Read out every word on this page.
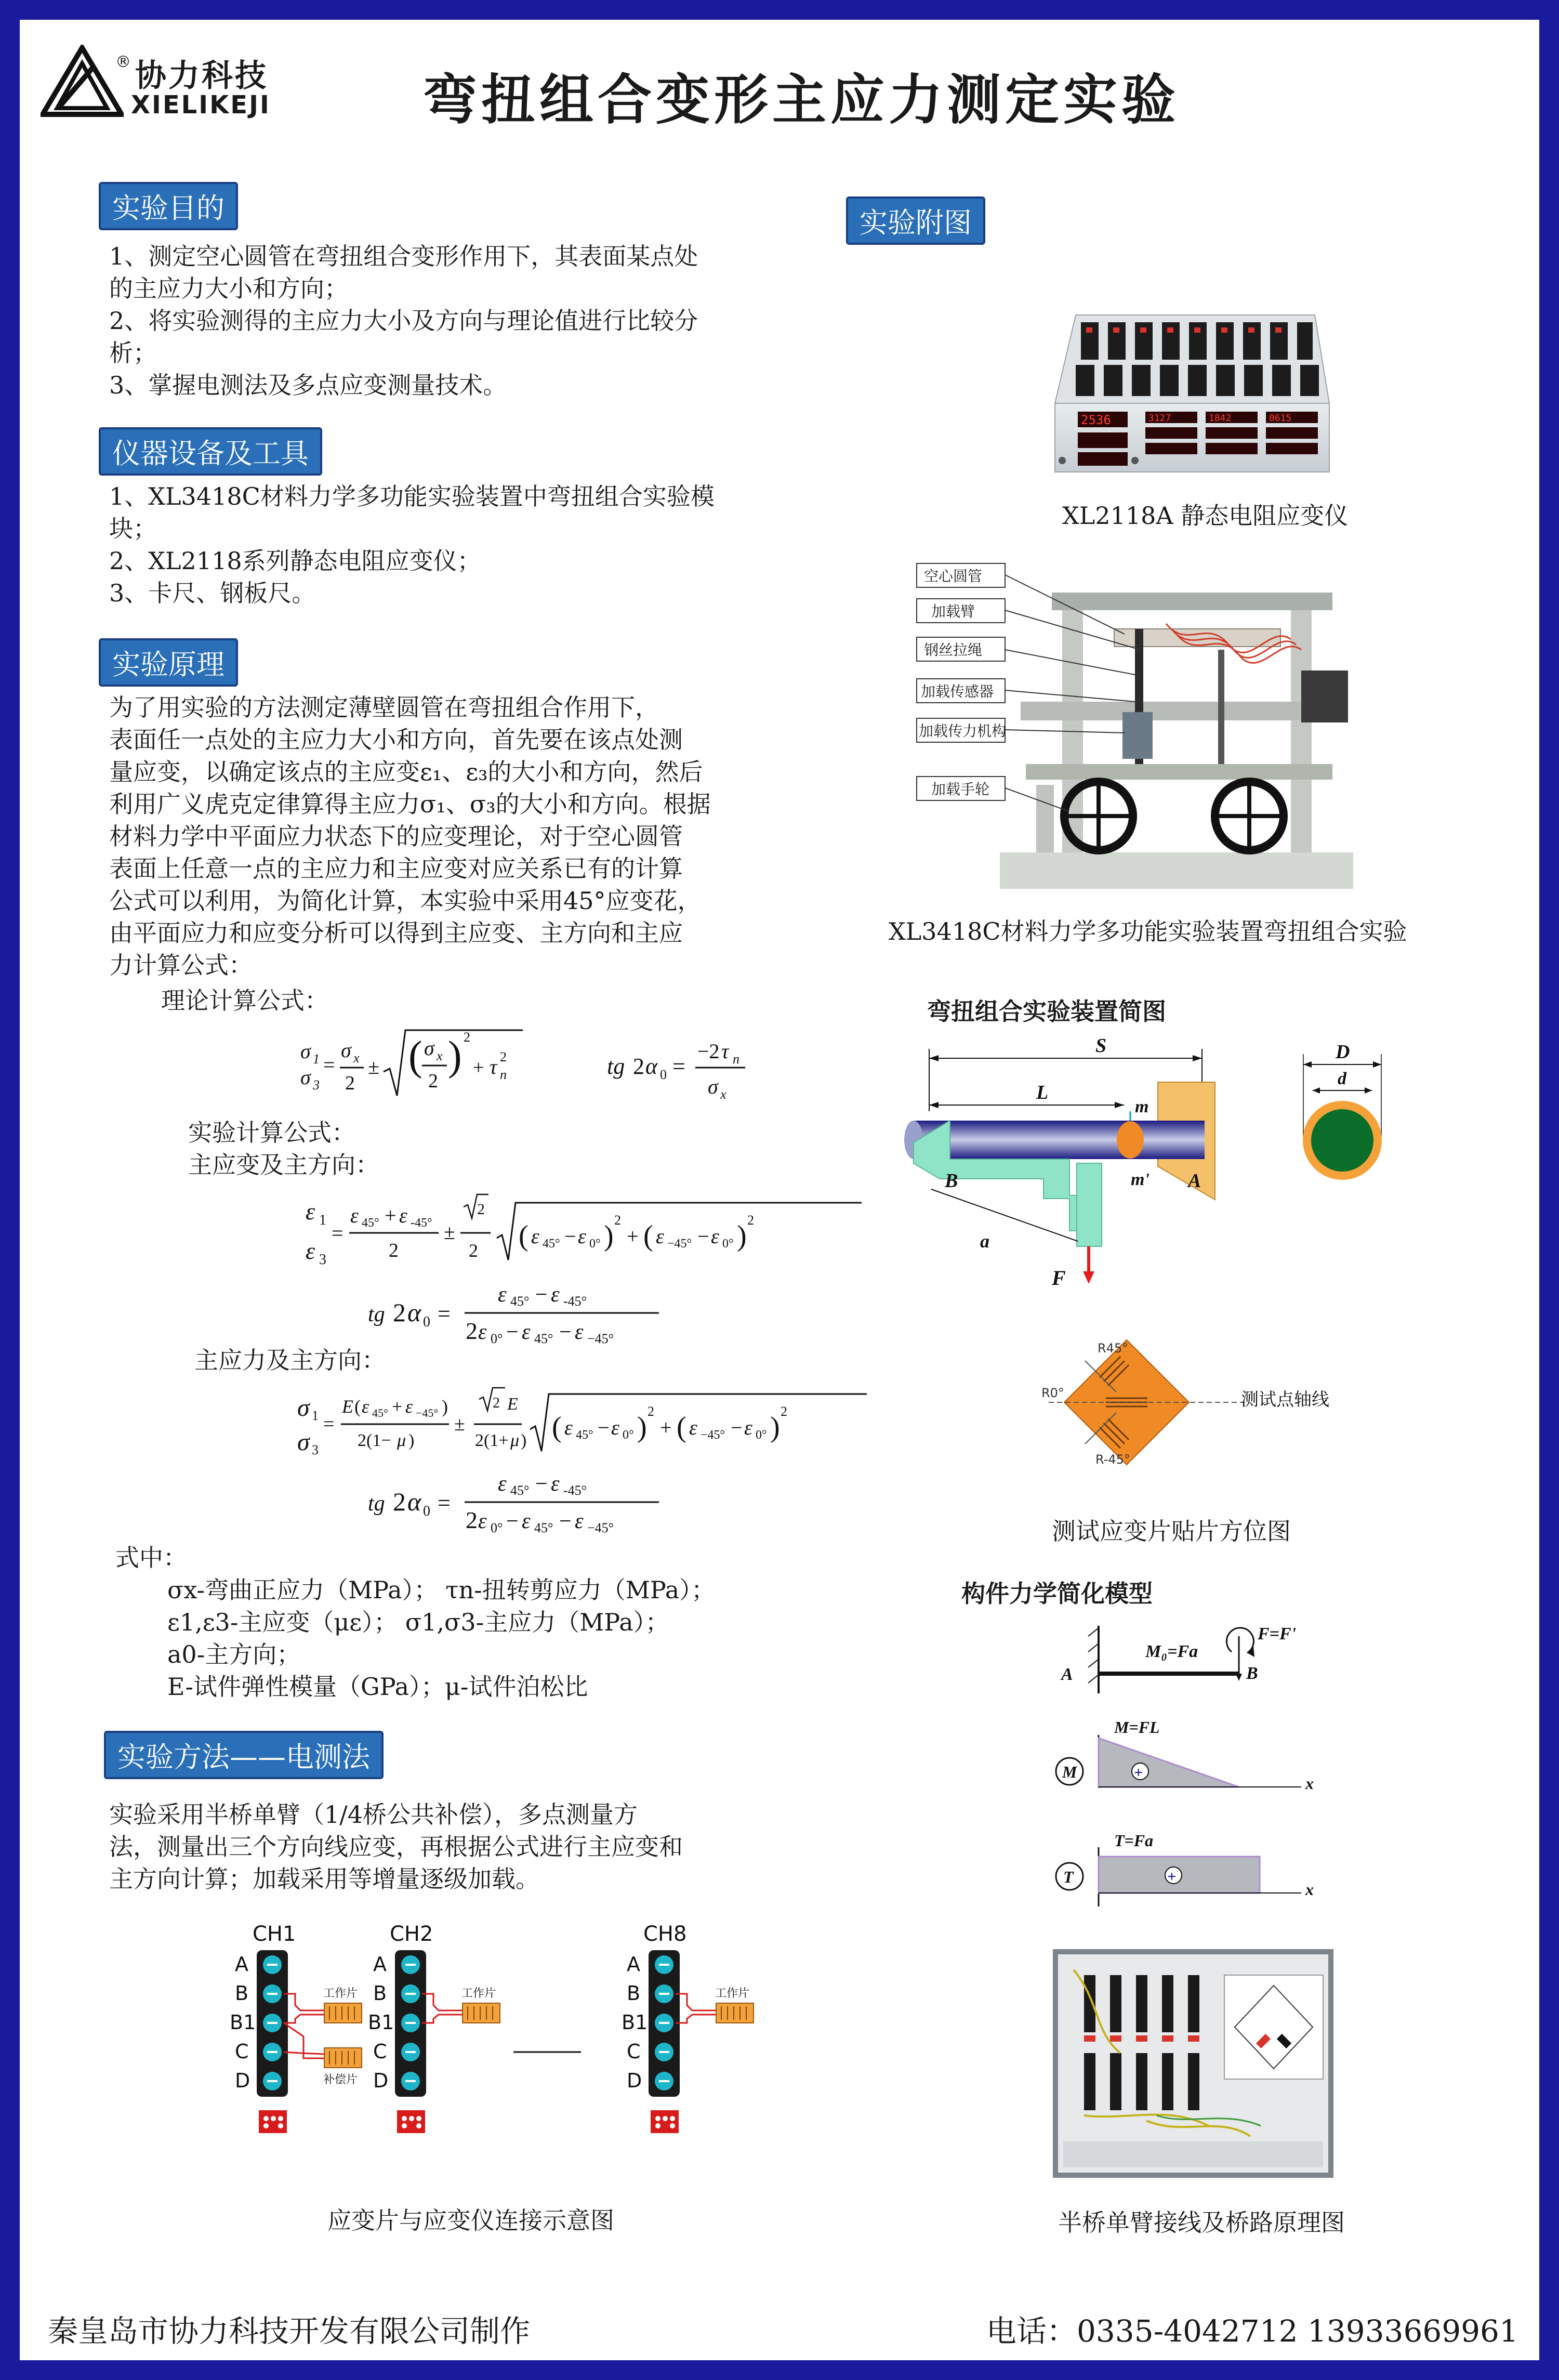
协力科技
®
XIELIKEJI	弯扭组合变形主应力测定实验
实验目的
1、测定空心圆管在弯扭组合变形作用下，其表面某点处
的主应力大小和方向；
2、将实验测得的主应力大小及方向与理论值进行比较分
析；
3、掌握电测法及多点应变测量技术。
仪器设备及工具
1、XL3418C材料力学多功能实验装置中弯扭组合实验模
块；
2、XL2118系列静态电阻应变仪；
3、卡尺、钢板尺。
实验原理
为了用实验的方法测定薄壁圆管在弯扭组合作用下，
表面任一点处的主应力大小和方向，首先要在该点处测
量应变，以确定该点的主应变ε₁、ε₃的大小和方向，然后
利用广义虎克定律算得主应力σ₁、σ₃的大小和方向。根据
材料力学中平面应力状态下的应变理论，对于空心圆管
表面上任意一点的主应力和主应变对应关系已有的计算
公式可以利用，为简化计算，本实验中采用45°应变花，
由平面应力和应变分析可以得到主应变、主方向和主应
力计算公式：
理论计算公式：
σ 1
σ 3
=
σ x
2
± ( σ x
2
) 2
+ τ n
2	tg 2 α 0 =
−2 τ n
σ x
实验计算公式：
主应变及主方向：
ε 1
ε 3
=
ε 45° + ε -45°
2
±
2
2 ( ε 45° − ε 0° ) 2
+ ( ε −45° − ε 0° ) 2
tg 2 α 0 =
ε 45° − ε -45°
2 ε 0° − ε 45° − ε −45°
主应力及主方向：
σ 1
σ 3
=
E ( ε 45° + ε −45° )
2(1− μ )
±
2 E
2(1+ μ ) ( ε 45° − ε 0° ) 2
+ ( ε −45° − ε 0° ) 2
tg 2 α 0 =
ε 45° − ε -45°
2 ε 0° − ε 45° − ε −45°
式中：
σx-弯曲正应力（MPa）； τn-扭转剪应力（MPa）；
ε1,ε3-主应变（με）； σ1,σ3-主应力（MPa）；
a0-主方向；
E-试件弹性模量（GPa）；μ-试件泊松比
实验方法——电测法
实验采用半桥单臂（1/4桥公共补偿），多点测量方
法，测量出三个方向线应变，再根据公式进行主应变和
主方向计算；加载采用等增量逐级加载。
CH1	CH2	CH8
A
B
B1
C
D
工作片
补偿片
A
B
B1
C
D
工作片
A
B
B1
C
D
工作片
应变片与应变仪连接示意图
实验附图
2536	3127	1842	0615
XL2118A 静态电阻应变仪
空心圆管
加载臂
钢丝拉绳
加载传感器
加载传力机构
加载手轮
XL3418C材料力学多功能实验装置弯扭组合实验
弯扭组合实验装置简图
S
L
m
m' A
B
a
F
D
d
R45°
R0°
R-45°
测试点轴线
测试应变片贴片方位图
构件力学简化模型
A	B
M₀=Fa
F=F'
M	+
M=FL
x
T	+
T=Fa
x
半桥单臂接线及桥路原理图
秦皇岛市协力科技开发有限公司制作	电话：0335-4042712 13933669961
